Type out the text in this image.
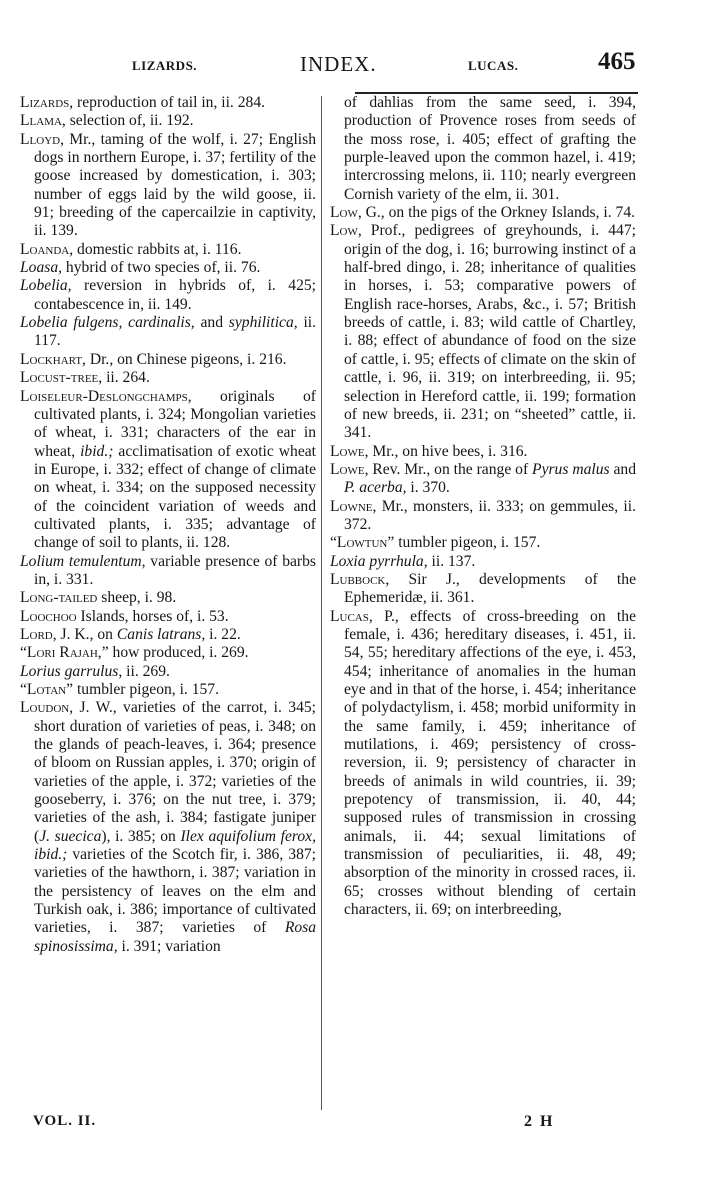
LIZARDS.	INDEX.	LUCAS.	465

Lizards, reproduction of tail in, ii. 284.

Llama, selection of, ii. 192.

Lloyd, Mr., taming of the wolf, i. 27; English dogs in northern Europe, i. 37; fertility of the goose increased by domestication, i. 303; number of eggs laid by the wild goose, ii. 91; breeding of the capercailzie in captivity, ii. 139.

Loanda, domestic rabbits at, i. 116.

Loasa, hybrid of two species of, ii. 76.

Lobelia, reversion in hybrids of, i. 425; contabescence in, ii. 149.

Lobelia fulgens, cardinalis, and syphilitica, ii. 117.

Lockhart, Dr., on Chinese pigeons, i. 216.

Locust-tree, ii. 264.

Loiseleur-Deslongchamps, originals of cultivated plants, i. 324; Mongolian varieties of wheat, i. 331; characters of the ear in wheat, ibid.; acclimatisation of exotic wheat in Europe, i. 332; effect of change of climate on wheat, i. 334; on the supposed necessity of the coincident variation of weeds and cultivated plants, i. 335; advantage of change of soil to plants, ii. 128.

Lolium temulentum, variable presence of barbs in, i. 331.

Long-tailed sheep, i. 98.

Loochoo Islands, horses of, i. 53.

Lord, J. K., on Canis latrans, i. 22.

“Lori Rajah,” how produced, i. 269.

Lorius garrulus, ii. 269.

“Lotan” tumbler pigeon, i. 157.

Loudon, J. W., varieties of the carrot, i. 345; short duration of varieties of peas, i. 348; on the glands of peach-leaves, i. 364; presence of bloom on Russian apples, i. 370; origin of varieties of the apple, i. 372; varieties of the gooseberry, i. 376; on the nut tree, i. 379; varieties of the ash, i. 384; fastigate juniper (J. suecica), i. 385; on Ilex aquifolium ferox, ibid.; varieties of the Scotch fir, i. 386, 387; varieties of the hawthorn, i. 387; variation in the persistency of leaves on the elm and Turkish oak, i. 386; importance of cultivated varieties, i. 387; varieties of Rosa spinosissima, i. 391; variation

of dahlias from the same seed, i. 394, production of Provence roses from seeds of the moss rose, i. 405; effect of grafting the purple-leaved upon the common hazel, i. 419; intercrossing melons, ii. 110; nearly evergreen Cornish variety of the elm, ii. 301.

Low, G., on the pigs of the Orkney Islands, i. 74.

Low, Prof., pedigrees of greyhounds, i. 447; origin of the dog, i. 16; burrowing instinct of a half-bred dingo, i. 28; inheritance of qualities in horses, i. 53; comparative powers of English race-horses, Arabs, &c., i. 57; British breeds of cattle, i. 83; wild cattle of Chartley, i. 88; effect of abundance of food on the size of cattle, i. 95; effects of climate on the skin of cattle, i. 96, ii. 319; on interbreeding, ii. 95; selection in Hereford cattle, ii. 199; formation of new breeds, ii. 231; on “sheeted” cattle, ii. 341.

Lowe, Mr., on hive bees, i. 316.

Lowe, Rev. Mr., on the range of Pyrus malus and P. acerba, i. 370.

Lowne, Mr., monsters, ii. 333; on gemmules, ii. 372.

“Lowtun” tumbler pigeon, i. 157.

Loxia pyrrhula, ii. 137.

Lubbock, Sir J., developments of the Ephemeridæ, ii. 361.

Lucas, P., effects of cross-breeding on the female, i. 436; hereditary diseases, i. 451, ii. 54, 55; hereditary affections of the eye, i. 453, 454; inheritance of anomalies in the human eye and in that of the horse, i. 454; inheritance of polydactylism, i. 458; morbid uniformity in the same family, i. 459; inheritance of mutilations, i. 469; persistency of cross-reversion, ii. 9; persistency of character in breeds of animals in wild countries, ii. 39; prepotency of transmission, ii. 40, 44; supposed rules of transmission in crossing animals, ii. 44; sexual limitations of transmission of peculiarities, ii. 48, 49; absorption of the minority in crossed races, ii. 65; crosses without blending of certain characters, ii. 69; on interbreeding,

VOL. II.	2 H
